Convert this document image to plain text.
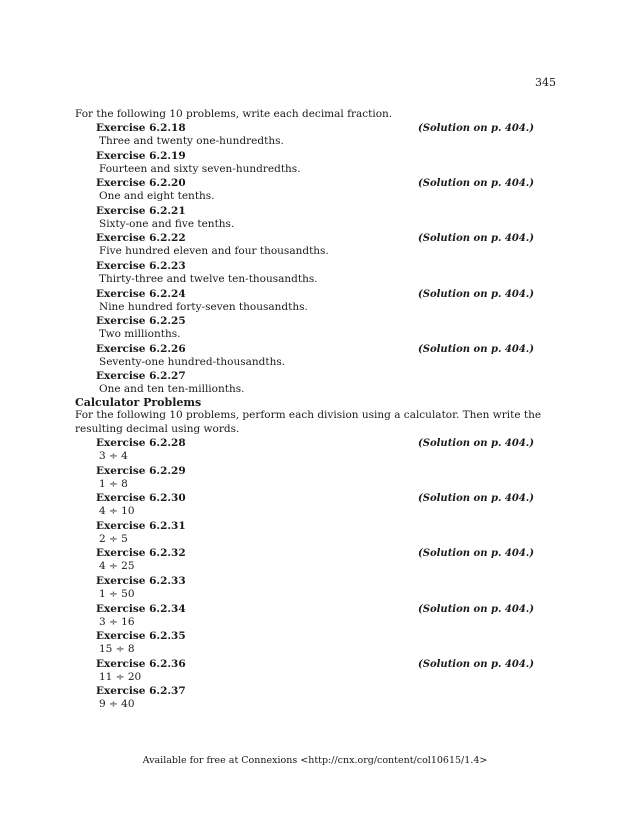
345
For the following 10 problems, write each decimal fraction.
Exercise 6.2.18	(Solution on p. 404.)
Three and twenty one-hundredths.
Exercise 6.2.19
Fourteen and sixty seven-hundredths.
Exercise 6.2.20	(Solution on p. 404.)
One and eight tenths.
Exercise 6.2.21
Sixty-one and five tenths.
Exercise 6.2.22	(Solution on p. 404.)
Five hundred eleven and four thousandths.
Exercise 6.2.23
Thirty-three and twelve ten-thousandths.
Exercise 6.2.24	(Solution on p. 404.)
Nine hundred forty-seven thousandths.
Exercise 6.2.25
Two millionths.
Exercise 6.2.26	(Solution on p. 404.)
Seventy-one hundred-thousandths.
Exercise 6.2.27
One and ten ten-millionths.
Calculator Problems
For the following 10 problems, perform each division using a calculator. Then write the resulting decimal using words.
Exercise 6.2.28	(Solution on p. 404.)
3 ÷ 4
Exercise 6.2.29
1 ÷ 8
Exercise 6.2.30	(Solution on p. 404.)
4 ÷ 10
Exercise 6.2.31
2 ÷ 5
Exercise 6.2.32	(Solution on p. 404.)
4 ÷ 25
Exercise 6.2.33
1 ÷ 50
Exercise 6.2.34	(Solution on p. 404.)
3 ÷ 16
Exercise 6.2.35
15 ÷ 8
Exercise 6.2.36	(Solution on p. 404.)
11 ÷ 20
Exercise 6.2.37
9 ÷ 40
Available for free at Connexions <http://cnx.org/content/col10615/1.4>
